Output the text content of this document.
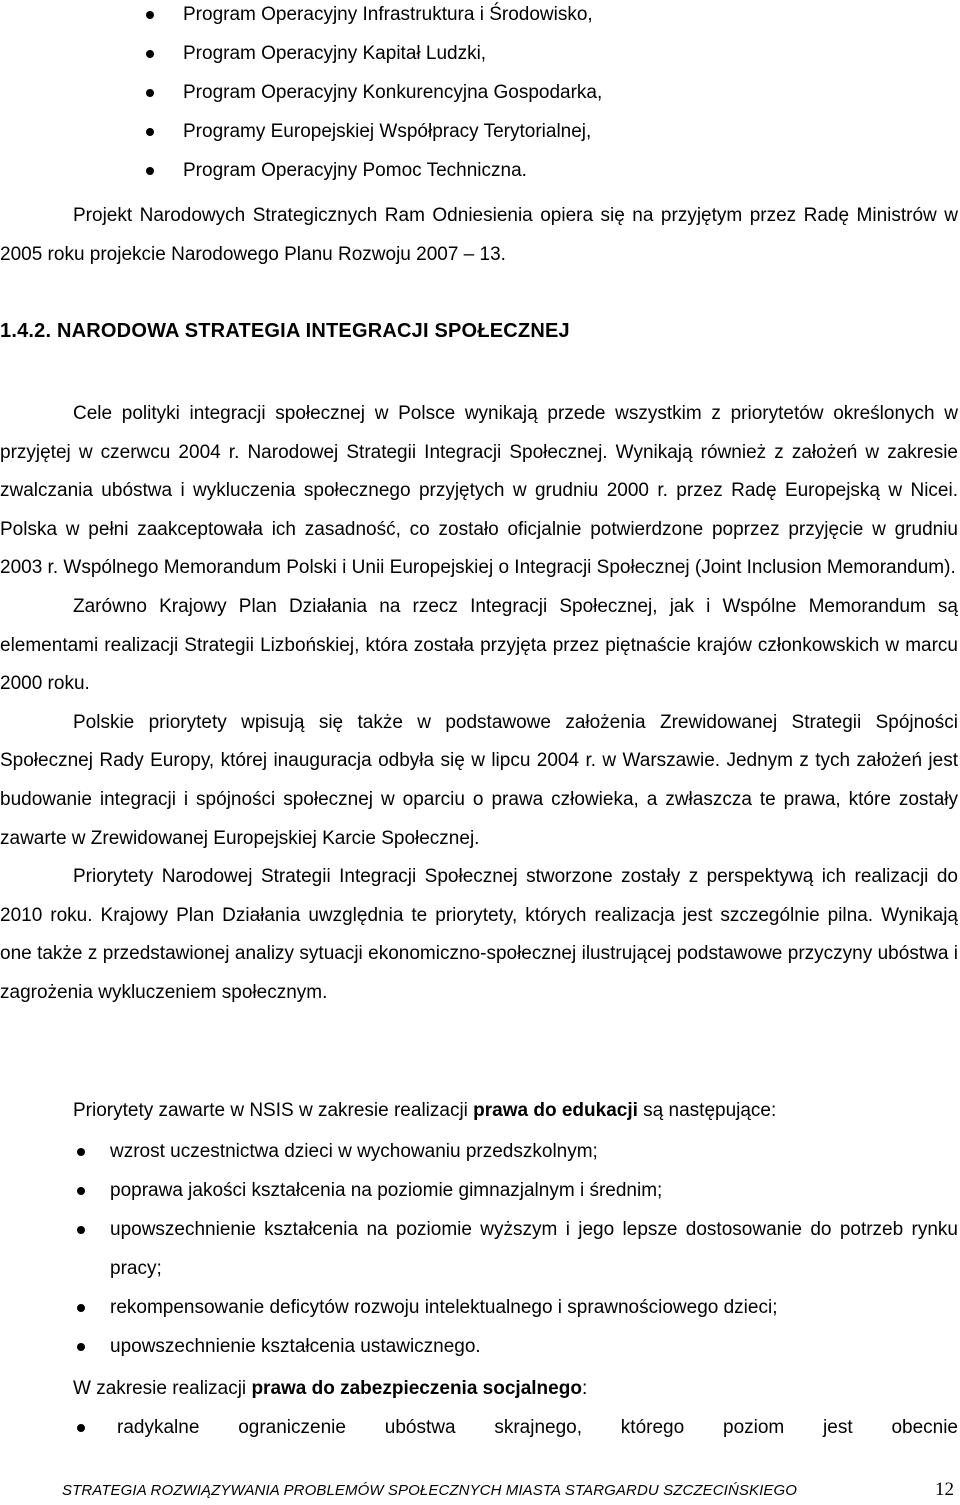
Program Operacyjny Infrastruktura i Środowisko,
Program Operacyjny Kapitał Ludzki,
Program Operacyjny Konkurencyjna Gospodarka,
Programy Europejskiej Współpracy Terytorialnej,
Program Operacyjny Pomoc Techniczna.

Projekt Narodowych Strategicznych Ram Odniesienia opiera się na przyjętym przez Radę Ministrów w 2005 roku projekcie Narodowego Planu Rozwoju 2007 – 13.

1.4.2. NARODOWA STRATEGIA INTEGRACJI SPOŁECZNEJ

Cele polityki integracji społecznej w Polsce wynikają przede wszystkim z priorytetów określonych w przyjętej w czerwcu 2004 r. Narodowej Strategii Integracji Społecznej. Wynikają również z założeń w zakresie zwalczania ubóstwa i wykluczenia społecznego przyjętych w grudniu 2000 r. przez Radę Europejską w Nicei. Polska w pełni zaakceptowała ich zasadność, co zostało oficjalnie potwierdzone poprzez przyjęcie w grudniu 2003 r. Wspólnego Memorandum Polski i Unii Europejskiej o Integracji Społecznej (Joint Inclusion Memorandum).

Zarówno Krajowy Plan Działania na rzecz Integracji Społecznej, jak i Wspólne Memorandum są elementami realizacji Strategii Lizbońskiej, która została przyjęta przez piętnaście krajów członkowskich w marcu 2000 roku.

Polskie priorytety wpisują się także w podstawowe założenia Zrewidowanej Strategii Spójności Społecznej Rady Europy, której inauguracja odbyła się w lipcu 2004 r. w Warszawie. Jednym z tych założeń jest budowanie integracji i spójności społecznej w oparciu o prawa człowieka, a zwłaszcza te prawa, które zostały zawarte w Zrewidowanej Europejskiej Karcie Społecznej.

Priorytety Narodowej Strategii Integracji Społecznej stworzone zostały z perspektywą ich realizacji do 2010 roku. Krajowy Plan Działania uwzględnia te priorytety, których realizacja jest szczególnie pilna. Wynikają one także z przedstawionej analizy sytuacji ekonomiczno-społecznej ilustrującej podstawowe przyczyny ubóstwa i zagrożenia wykluczeniem społecznym.

Priorytety zawarte w NSIS w zakresie realizacji prawa do edukacji są następujące:

wzrost uczestnictwa dzieci w wychowaniu przedszkolnym;
poprawa jakości kształcenia na poziomie gimnazjalnym i średnim;
upowszechnienie kształcenia na poziomie wyższym i jego lepsze dostosowanie do potrzeb rynku pracy;
rekompensowanie deficytów rozwoju intelektualnego i sprawnościowego dzieci;
upowszechnienie kształcenia ustawicznego.

W zakresie realizacji prawa do zabezpieczenia socjalnego:

radykalne ograniczenie ubóstwa skrajnego, którego poziom jest obecnie
STRATEGIA ROZWIĄZYWANIA PROBLEMÓW SPOŁECZNYCH MIASTA STARGARDU SZCZECIŃSKIEGO	12
